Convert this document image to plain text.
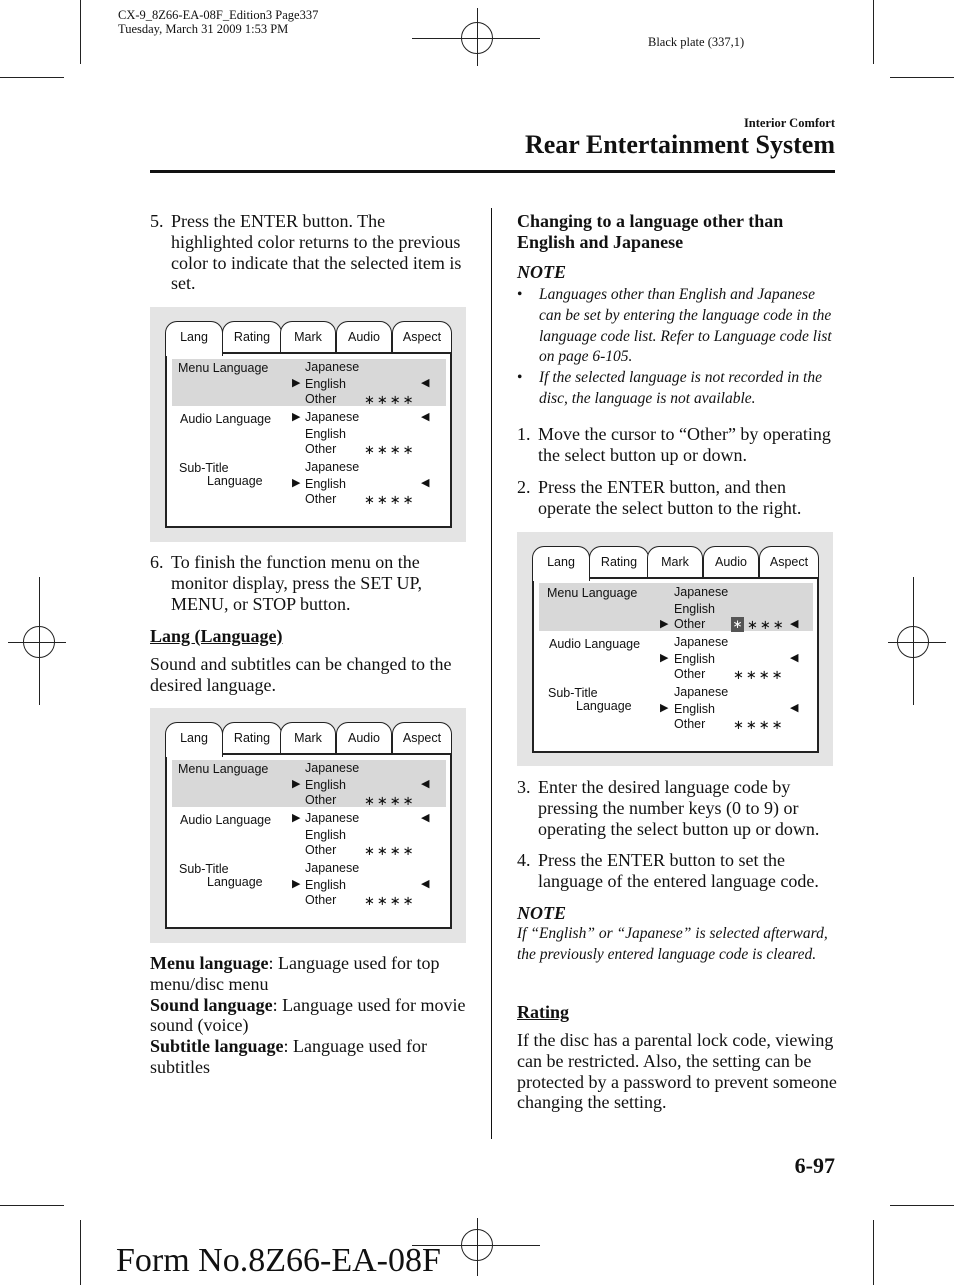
CX-9_8Z66-EA-08F_Edition3 Page337
Tuesday, March 31 2009 1:53 PM
Black plate (337,1)
Interior Comfort
Rear Entertainment System
5. Press the ENTER button. The highlighted color returns to the previous color to indicate that the selected item is set.
Lang	Rating	Mark	Audio	Aspect
Menu Language	Japanese
▶ English	◀
Other ∗∗∗∗
Audio Language ▶ Japanese	◀
English
Other ∗∗∗∗
Sub-Title
Language
Japanese
▶ English	◀
Other ∗∗∗∗
6. To finish the function menu on the monitor display, press the SET UP, MENU, or STOP button.
Lang (Language)
Sound and subtitles can be changed to the desired language.
Lang	Rating	Mark	Audio	Aspect
Menu Language	Japanese
▶ English	◀
Other ∗∗∗∗
Audio Language ▶ Japanese	◀
English
Other ∗∗∗∗
Sub-Title
Language
Japanese
▶ English	◀
Other ∗∗∗∗
Menu language: Language used for top menu/disc menu
Sound language: Language used for movie sound (voice)
Subtitle language: Language used for subtitles
Changing to a language other than English and Japanese
NOTE
• Languages other than English and Japanese can be set by entering the language code in the language code list. Refer to Language code list on page 6-105.
• If the selected language is not recorded in the disc, the language is not available.
1. Move the cursor to “Other” by operating the select button up or down.
2. Press the ENTER button, and then operate the select button to the right.
Lang	Rating	Mark	Audio	Aspect
Menu Language	Japanese
English
▶ Other ∗ ∗∗∗ ◀
Audio Language	Japanese
▶ English	◀
Other ∗∗∗∗
Sub-Title
Language
Japanese
▶ English	◀
Other ∗∗∗∗
3. Enter the desired language code by pressing the number keys (0 to 9) or operating the select button up or down.
4. Press the ENTER button to set the language of the entered language code.
NOTE
If “English” or “Japanese” is selected afterward, the previously entered language code is cleared.
Rating
If the disc has a parental lock code, viewing can be restricted. Also, the setting can be protected by a password to prevent someone changing the setting.
6-97
Form No.8Z66-EA-08F
